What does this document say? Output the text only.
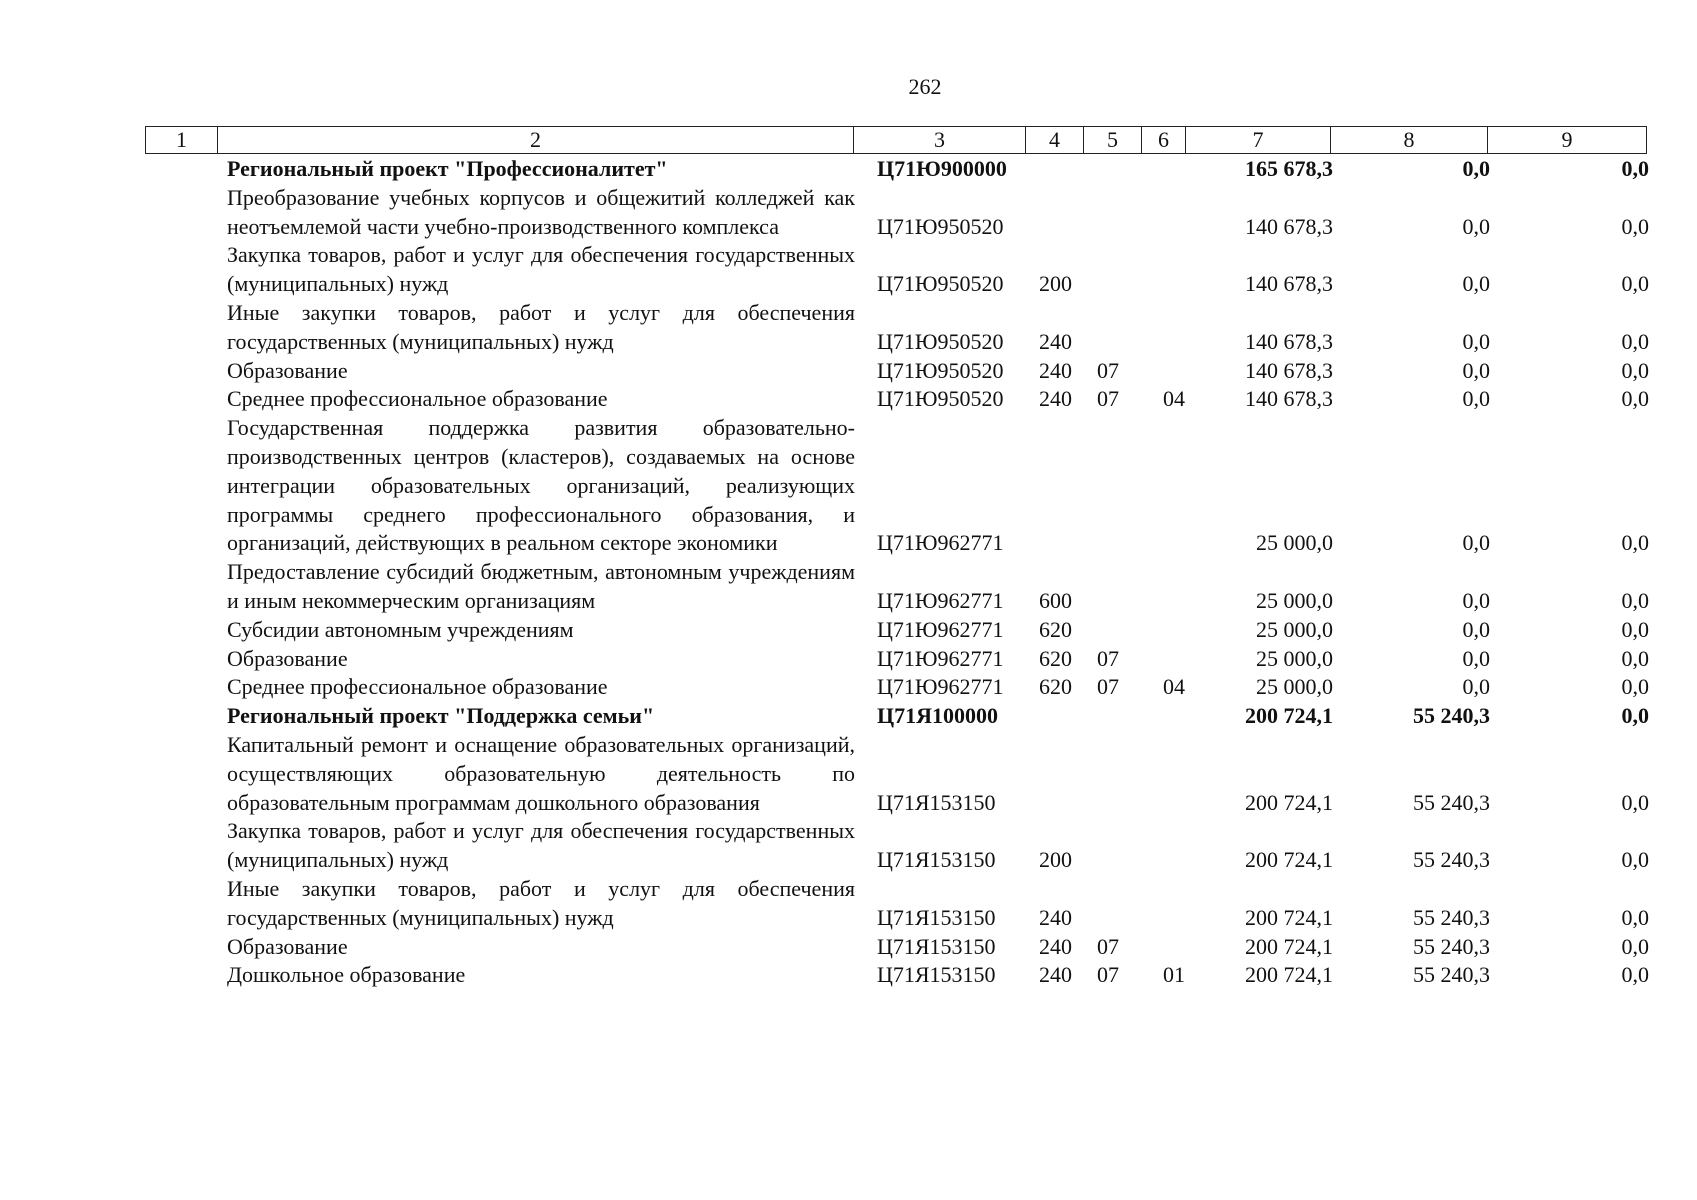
262
1	2	3	4	5	6	7	8	9
Региональный проект "Профессионалитет"	Ц71Ю900000				165 678,3	0,0	0,0
Преобразование учебных корпусов и общежитий колледжей как неотъемлемой части учебно-производственного комплекса	Ц71Ю950520				140 678,3	0,0	0,0
Закупка товаров, работ и услуг для обеспечения государственных (муниципальных) нужд	Ц71Ю950520	200			140 678,3	0,0	0,0
Иные закупки товаров, работ и услуг для обеспечения государственных (муниципальных) нужд	Ц71Ю950520	240			140 678,3	0,0	0,0
Образование	Ц71Ю950520	240	07		140 678,3	0,0	0,0
Среднее профессиональное образование	Ц71Ю950520	240	07	04	140 678,3	0,0	0,0
Государственная поддержка развития образовательно-производственных центров (кластеров), создаваемых на основе интеграции образовательных организаций, реализующих программы среднего профессионального образования, и организаций, действующих в реальном секторе экономики	Ц71Ю962771				25 000,0	0,0	0,0
Предоставление субсидий бюджетным, автономным учреждениям и иным некоммерческим организациям	Ц71Ю962771	600			25 000,0	0,0	0,0
Субсидии автономным учреждениям	Ц71Ю962771	620			25 000,0	0,0	0,0
Образование	Ц71Ю962771	620	07		25 000,0	0,0	0,0
Среднее профессиональное образование	Ц71Ю962771	620	07	04	25 000,0	0,0	0,0
Региональный проект "Поддержка семьи"	Ц71Я100000				200 724,1	55 240,3	0,0
Капитальный ремонт и оснащение образовательных организаций, осуществляющих образовательную деятельность по образовательным программам дошкольного образования	Ц71Я153150				200 724,1	55 240,3	0,0
Закупка товаров, работ и услуг для обеспечения государственных (муниципальных) нужд	Ц71Я153150	200			200 724,1	55 240,3	0,0
Иные закупки товаров, работ и услуг для обеспечения государственных (муниципальных) нужд	Ц71Я153150	240			200 724,1	55 240,3	0,0
Образование	Ц71Я153150	240	07		200 724,1	55 240,3	0,0
Дошкольное образование	Ц71Я153150	240	07	01	200 724,1	55 240,3	0,0
